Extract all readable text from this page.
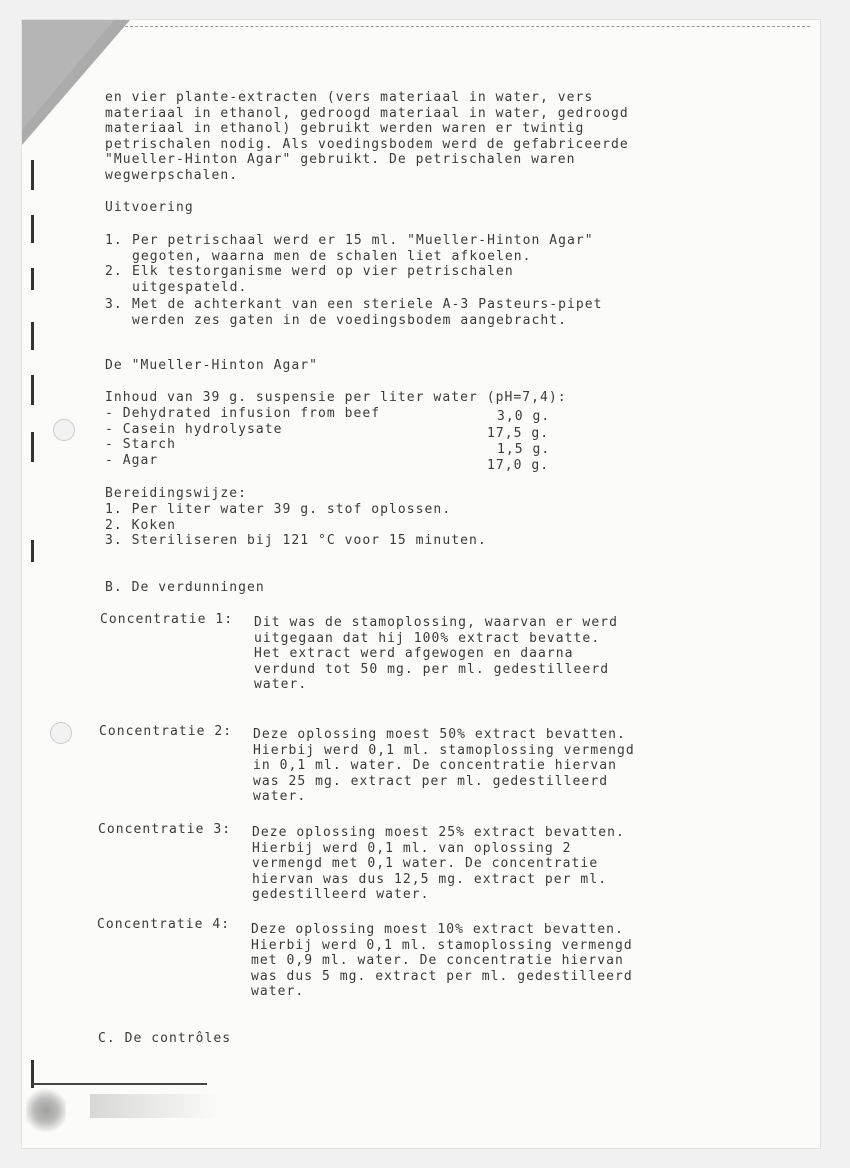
en vier plante-extracten (vers materiaal in water, vers
materiaal in ethanol, gedroogd materiaal in water, gedroogd
materiaal in ethanol) gebruikt werden waren er twintig
petrischalen nodig. Als voedingsbodem werd de gefabriceerde
"Mueller-Hinton Agar" gebruikt. De petrischalen waren
wegwerpschalen.
Uitvoering
1. Per petrischaal werd er 15 ml. "Mueller-Hinton Agar"
gegoten, waarna men de schalen liet afkoelen.
2. Elk testorganisme werd op vier petrischalen
uitgespateld.
3. Met de achterkant van een steriele A-3 Pasteurs-pipet
werden zes gaten in de voedingsbodem aangebracht.
De "Mueller-Hinton Agar"
Inhoud van 39 g. suspensie per liter water (pH=7,4):
- Dehydrated infusion from beef	3,0 g.
- Casein hydrolysate	17,5 g.
- Starch	1,5 g.
- Agar	17,0 g.
Bereidingswijze:
1. Per liter water 39 g. stof oplossen.
2. Koken
3. Steriliseren bij 121 °C voor 15 minuten.
B. De verdunningen
Concentratie 1: Dit was de stamoplossing, waarvan er werd
uitgegaan dat hij 100% extract bevatte.
Het extract werd afgewogen en daarna
verdund tot 50 mg. per ml. gedestilleerd
water.
Concentratie 2: Deze oplossing moest 50% extract bevatten.
Hierbij werd 0,1 ml. stamoplossing vermengd
in 0,1 ml. water. De concentratie hiervan
was 25 mg. extract per ml. gedestilleerd
water.
Concentratie 3: Deze oplossing moest 25% extract bevatten.
Hierbij werd 0,1 ml. van oplossing 2
vermengd met 0,1 water. De concentratie
hiervan was dus 12,5 mg. extract per ml.
gedestilleerd water.
Concentratie 4: Deze oplossing moest 10% extract bevatten.
Hierbij werd 0,1 ml. stamoplossing vermengd
met 0,9 ml. water. De concentratie hiervan
was dus 5 mg. extract per ml. gedestilleerd
water.
C. De contrôles
